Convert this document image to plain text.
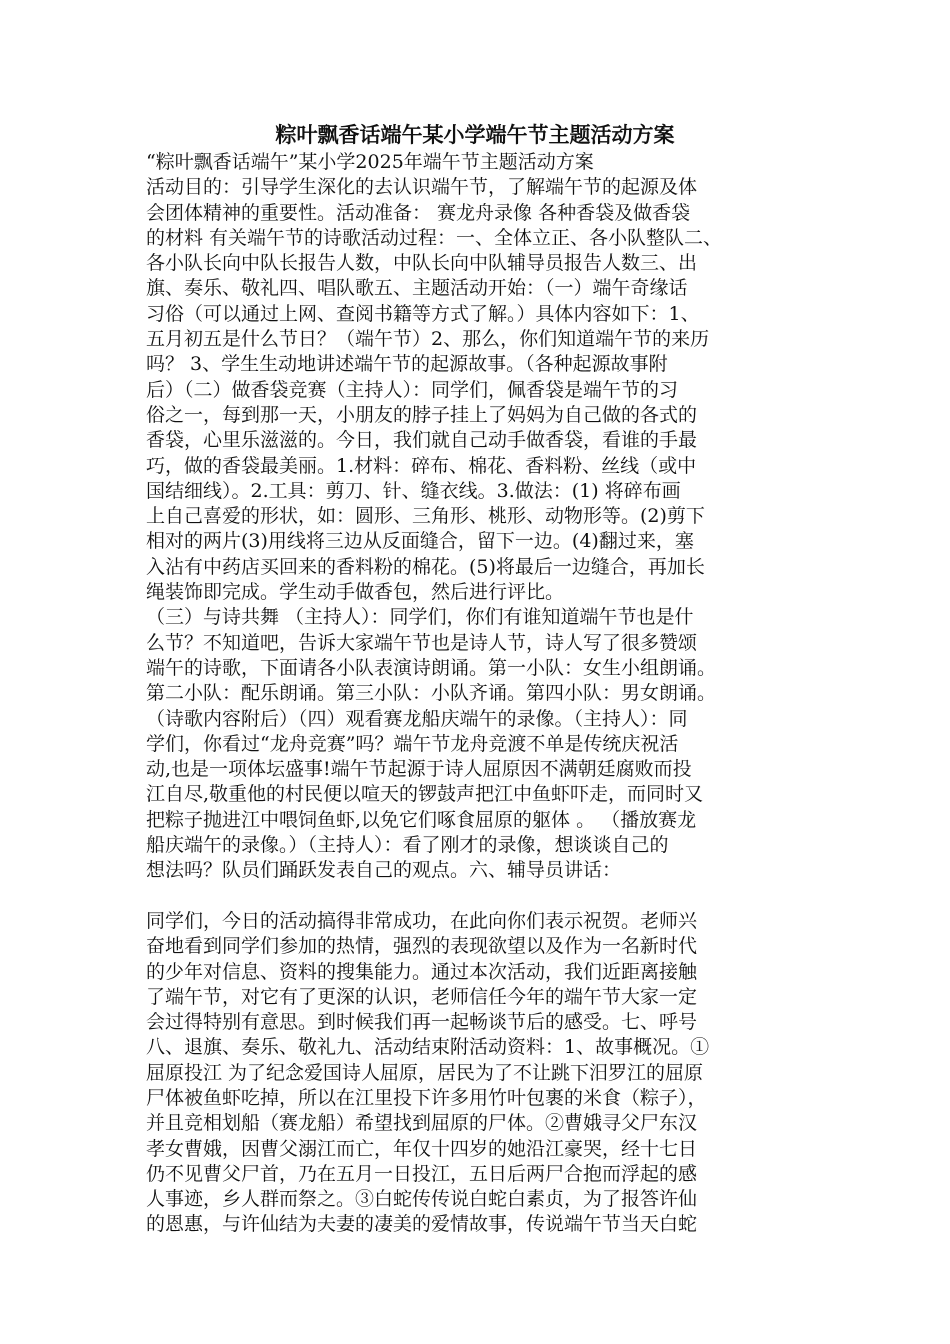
粽叶飘香话端午某小学端午节主题活动方案
“粽叶飘香话端午”某小学2025年端午节主题活动方案
活动目的：引导学生深化的去认识端午节，了解端午节的起源及体
会团体精神的重要性。活动准备： 赛龙舟录像 各种香袋及做香袋
的材料 有关端午节的诗歌活动过程：一、全体立正、各小队整队二、
各小队长向中队长报告人数，中队长向中队辅导员报告人数三、出
旗、奏乐、敬礼四、唱队歌五、主题活动开始：（一）端午奇缘话
习俗（可以通过上网、查阅书籍等方式了解。）具体内容如下：1、
五月初五是什么节日？（端午节）2、那么，你们知道端午节的来历
吗？ 3、学生生动地讲述端午节的起源故事。（各种起源故事附
后）（二）做香袋竞赛（主持人）：同学们，佩香袋是端午节的习
俗之一，每到那一天，小朋友的脖子挂上了妈妈为自己做的各式的
香袋，心里乐滋滋的。今日，我们就自己动手做香袋，看谁的手最
巧，做的香袋最美丽。1.材料：碎布、棉花、香料粉、丝线（或中
国结细线）。2.工具：剪刀、针、缝衣线。3.做法：(1) 将碎布画
上自己喜爱的形状，如：圆形、三角形、桃形、动物形等。(2)剪下
相对的两片(3)用线将三边从反面缝合，留下一边。(4)翻过来，塞
入沾有中药店买回来的香料粉的棉花。(5)将最后一边缝合，再加长
绳装饰即完成。学生动手做香包，然后进行评比。
（三）与诗共舞 （主持人）：同学们，你们有谁知道端午节也是什
么节？不知道吧，告诉大家端午节也是诗人节，诗人写了很多赞颂
端午的诗歌，下面请各小队表演诗朗诵。第一小队：女生小组朗诵。
第二小队：配乐朗诵。第三小队：小队齐诵。第四小队：男女朗诵。
（诗歌内容附后）（四）观看赛龙船庆端午的录像。（主持人）：同
学们，你看过“龙舟竞赛”吗？端午节龙舟竞渡不单是传统庆祝活
动,也是一项体坛盛事!端午节起源于诗人屈原因不满朝廷腐败而投
江自尽,敬重他的村民便以喧天的锣鼓声把江中鱼虾吓走，而同时又
把粽子抛进江中喂饲鱼虾,以免它们啄食屈原的躯体 。 （播放赛龙
船庆端午的录像。）（主持人）：看了刚才的录像，想谈谈自己的
想法吗？队员们踊跃发表自己的观点。六、辅导员讲话：
同学们，今日的活动搞得非常成功，在此向你们表示祝贺。老师兴
奋地看到同学们参加的热情，强烈的表现欲望以及作为一名新时代
的少年对信息、资料的搜集能力。通过本次活动，我们近距离接触
了端午节，对它有了更深的认识，老师信任今年的端午节大家一定
会过得特别有意思。到时候我们再一起畅谈节后的感受。七、呼号
八、退旗、奏乐、敬礼九、活动结束附活动资料：1、故事概况。①
屈原投江 为了纪念爱国诗人屈原，居民为了不让跳下汨罗江的屈原
尸体被鱼虾吃掉，所以在江里投下许多用竹叶包裹的米食（粽子），
并且竞相划船（赛龙船）希望找到屈原的尸体。②曹娥寻父尸东汉
孝女曹娥，因曹父溺江而亡，年仅十四岁的她沿江豪哭，经十七日
仍不见曹父尸首，乃在五月一日投江，五日后两尸合抱而浮起的感
人事迹，乡人群而祭之。③白蛇传传说白蛇白素贞，为了报答许仙
的恩惠，与许仙结为夫妻的凄美的爱情故事，传说端午节当天白蛇
